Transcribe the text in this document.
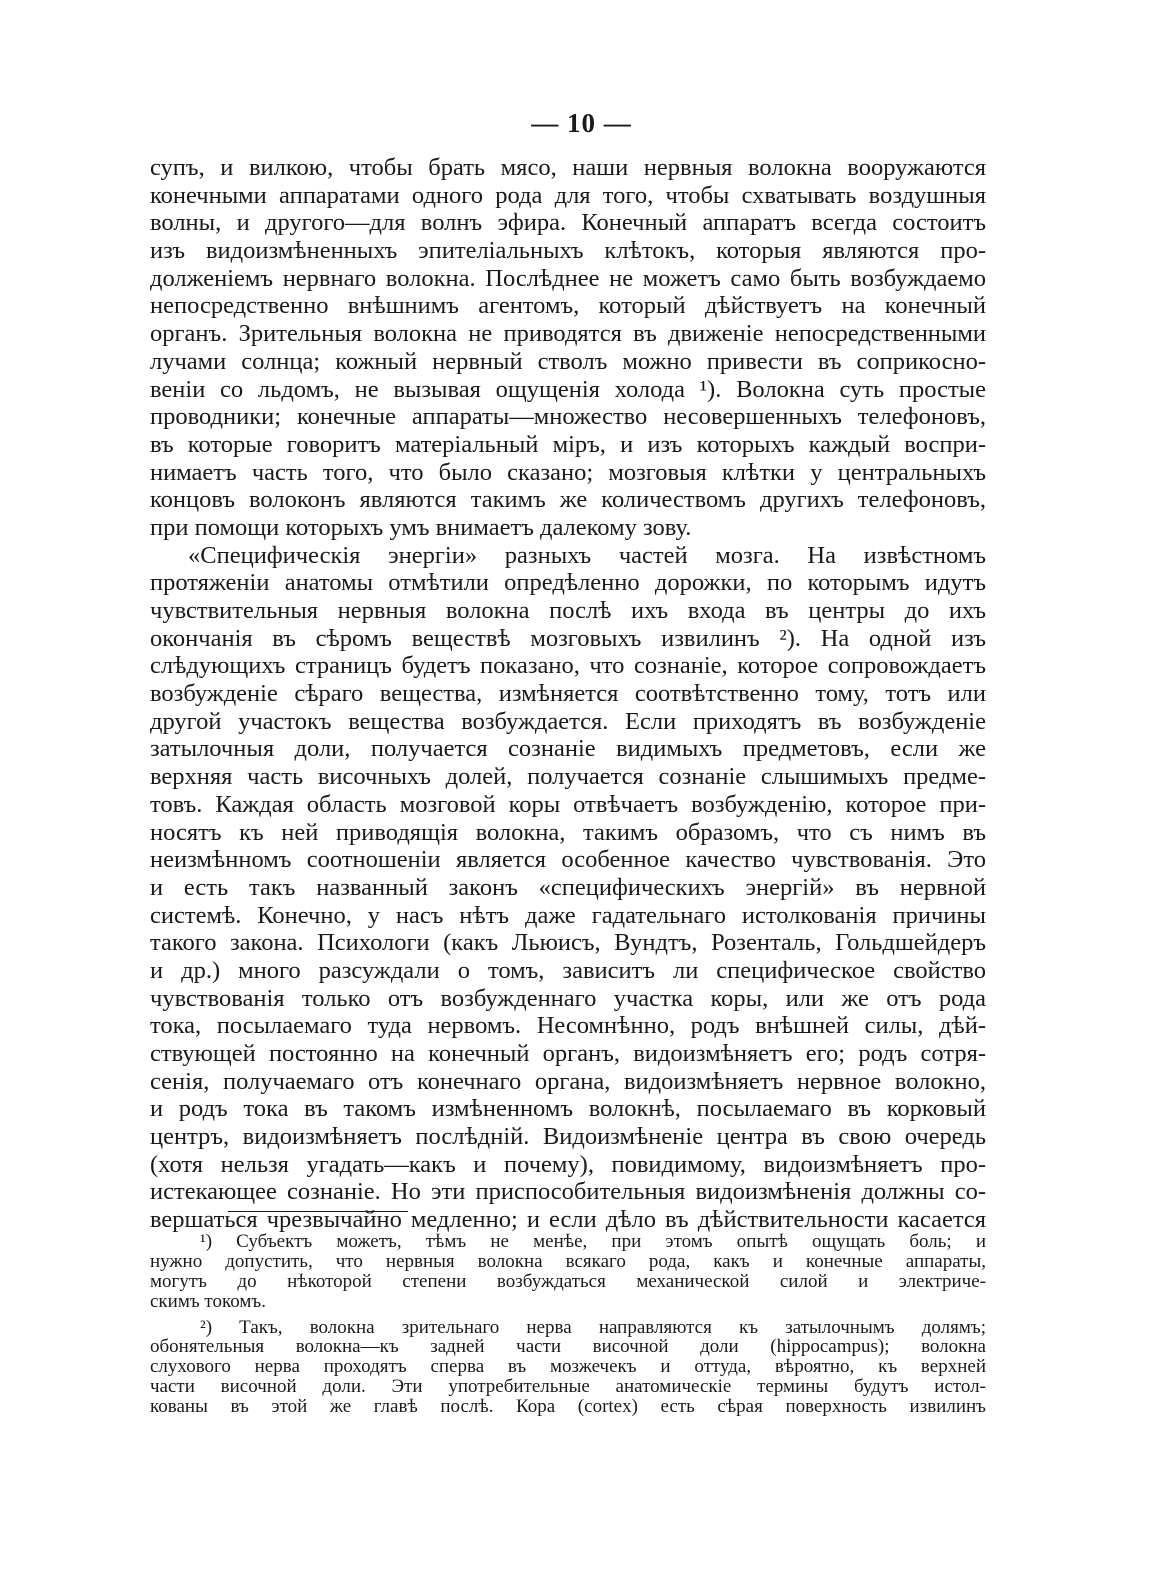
— 10 —
супъ, и вилкою, чтобы брать мясо, наши нервныя волокна вооружаются
конечными аппаратами одного рода для того, чтобы схватывать воздушныя
волны, и другого—для волнъ эфира. Конечный аппаратъ всегда состоитъ
изъ видоизмѣненныхъ эпителіальныхъ клѣтокъ, которыя являются про-
долженіемъ нервнаго волокна. Послѣднее не можетъ само быть возбуждаемо
непосредственно внѣшнимъ агентомъ, который дѣйствуетъ на конечный
органъ. Зрительныя волокна не приводятся въ движеніе непосредственными
лучами солнца; кожный нервный стволъ можно привести въ соприкосно-
веніи со льдомъ, не вызывая ощущенія холода ¹). Волокна суть простые
проводники; конечные аппараты—множество несовершенныхъ телефоновъ,
въ которые говоритъ матеріальный міръ, и изъ которыхъ каждый воспри-
нимаетъ часть того, что было сказано; мозговыя клѣтки у центральныхъ
концовъ волоконъ являются такимъ же количествомъ другихъ телефоновъ,
при помощи которыхъ умъ внимаетъ далекому зову.
«Специфическія энергіи» разныхъ частей мозга. На извѣстномъ
протяженіи анатомы отмѣтили опредѣленно дорожки, по которымъ идутъ
чувствительныя нервныя волокна послѣ ихъ входа въ центры до ихъ
окончанія въ сѣромъ веществѣ мозговыхъ извилинъ ²). На одной изъ
слѣдующихъ страницъ будетъ показано, что сознаніе, которое сопровождаетъ
возбужденіе сѣраго вещества, измѣняется соотвѣтственно тому, тотъ или
другой участокъ вещества возбуждается. Если приходятъ въ возбужденіе
затылочныя доли, получается сознаніе видимыхъ предметовъ, если же
верхняя часть височныхъ долей, получается сознаніе слышимыхъ предме-
товъ. Каждая область мозговой коры отвѣчаетъ возбужденію, которое при-
носятъ къ ней приводящія волокна, такимъ образомъ, что съ нимъ въ
неизмѣнномъ соотношеніи является особенное качество чувствованія. Это
и есть такъ названный законъ «специфическихъ энергій» въ нервной
системѣ. Конечно, у насъ нѣтъ даже гадательнаго истолкованія причины
такого закона. Психологи (какъ Льюисъ, Вундтъ, Розенталь, Гольдшейдеръ
и др.) много разсуждали о томъ, зависитъ ли специфическое свойство
чувствованія только отъ возбужденнаго участка коры, или же отъ рода
тока, посылаемаго туда нервомъ. Несомнѣнно, родъ внѣшней силы, дѣй-
ствующей постоянно на конечный органъ, видоизмѣняетъ его; родъ сотря-
сенія, получаемаго отъ конечнаго органа, видоизмѣняетъ нервное волокно,
и родъ тока въ такомъ измѣненномъ волокнѣ, посылаемаго въ корковый
центръ, видоизмѣняетъ послѣдній. Видоизмѣненіе центра въ свою очередь
(хотя нельзя угадать—какъ и почему), повидимому, видоизмѣняетъ про-
истекающее сознаніе. Но эти приспособительныя видоизмѣненія должны со-
вершаться чрезвычайно медленно; и если дѣло въ дѣйствительности касается
¹) Субъектъ можетъ, тѣмъ не менѣе, при этомъ опытѣ ощущать боль; и
нужно допустить, что нервныя волокна всякаго рода, какъ и конечные аппараты,
могутъ до нѣкоторой степени возбуждаться механической силой и электриче-
скимъ токомъ.
²) Такъ, волокна зрительнаго нерва направляются къ затылочнымъ долямъ;
обонятельныя волокна—къ задней части височной доли (hippocampus); волокна
слухового нерва проходятъ сперва въ мозжечекъ и оттуда, вѣроятно, къ верхней
части височной доли. Эти употребительные анатомическіе термины будутъ истол-
кованы въ этой же главѣ послѣ. Кора (cortex) есть сѣрая поверхность извилинъ
